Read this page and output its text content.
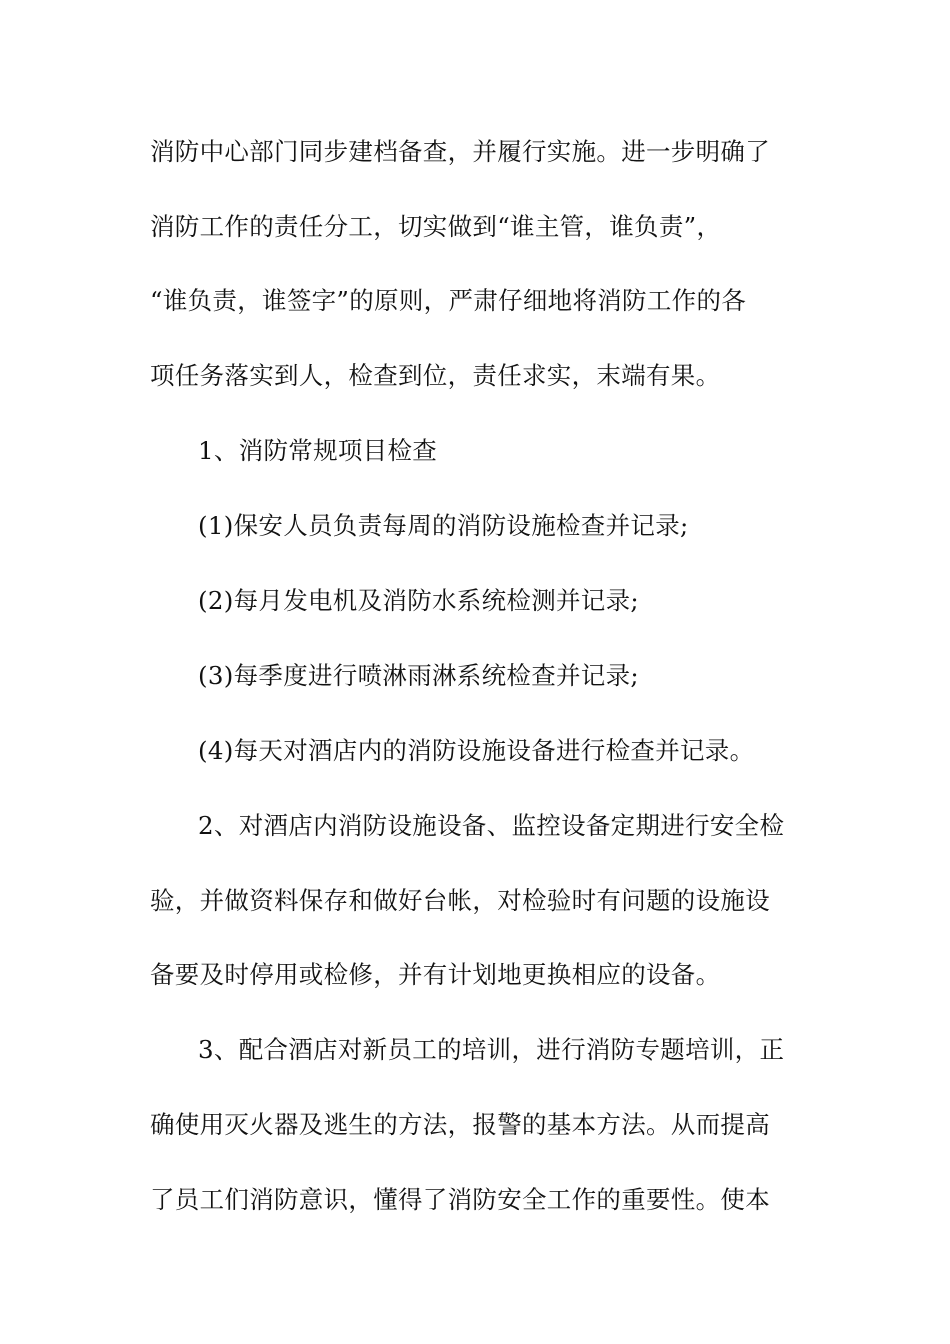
消防中心部门同步建档备查，并履行实施。进一步明确了
消防工作的责任分工，切实做到“谁主管，谁负责”，
“谁负责，谁签字”的原则，严肃仔细地将消防工作的各
项任务落实到人，检查到位，责任求实，末端有果。
1、消防常规项目检查
(1)保安人员负责每周的消防设施检查并记录;
(2)每月发电机及消防水系统检测并记录;
(3)每季度进行喷淋雨淋系统检查并记录;
(4)每天对酒店内的消防设施设备进行检查并记录。
2、对酒店内消防设施设备、监控设备定期进行安全检
验，并做资料保存和做好台帐，对检验时有问题的设施设
备要及时停用或检修，并有计划地更换相应的设备。
3、配合酒店对新员工的培训，进行消防专题培训，正
确使用灭火器及逃生的方法，报警的基本方法。从而提高
了员工们消防意识，懂得了消防安全工作的重要性。使本
